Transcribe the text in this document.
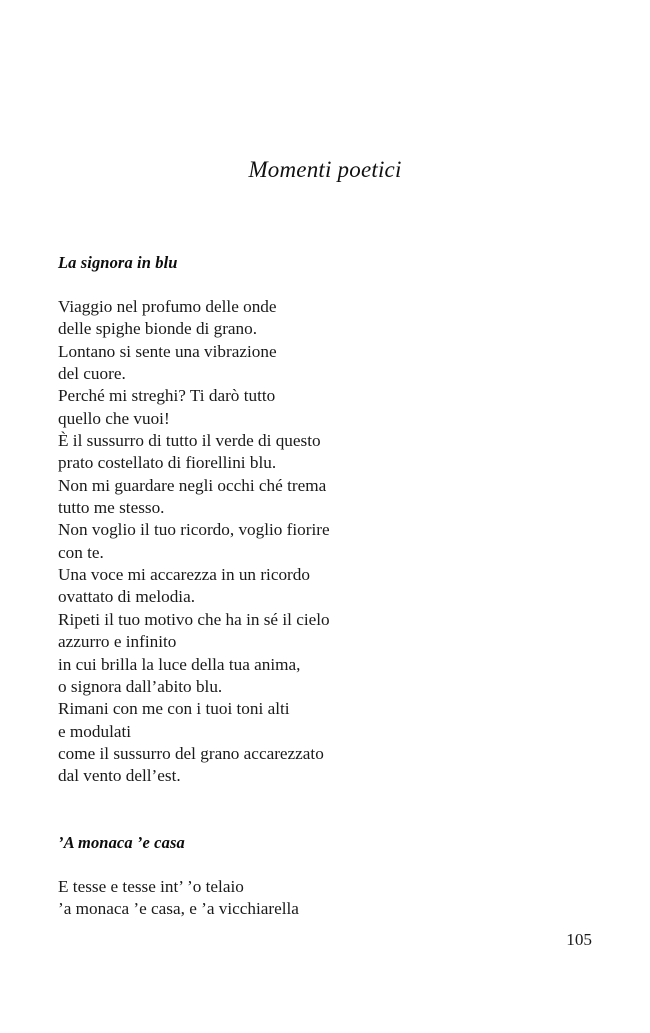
Momenti poetici
La signora in blu
Viaggio nel profumo delle onde
delle spighe bionde di grano.
Lontano si sente una vibrazione
del cuore.
Perché mi streghi? Ti darò tutto
quello che vuoi!
È il sussurro di tutto il verde di questo
prato costellato di fiorellini blu.
Non mi guardare negli occhi ché trema
tutto me stesso.
Non voglio il tuo ricordo, voglio fiorire
con te.
Una voce mi accarezza in un ricordo
ovattato di melodia.
Ripeti il tuo motivo che ha in sé il cielo
azzurro e infinito
in cui brilla la luce della tua anima,
o signora dall’abito blu.
Rimani con me con i tuoi toni alti
e modulati
come il sussurro del grano accarezzato
dal vento dell’est.
’A monaca ’e casa
E tesse e tesse int’ ’o telaio
’a monaca ’e casa, e ’a vicchiarella
105
